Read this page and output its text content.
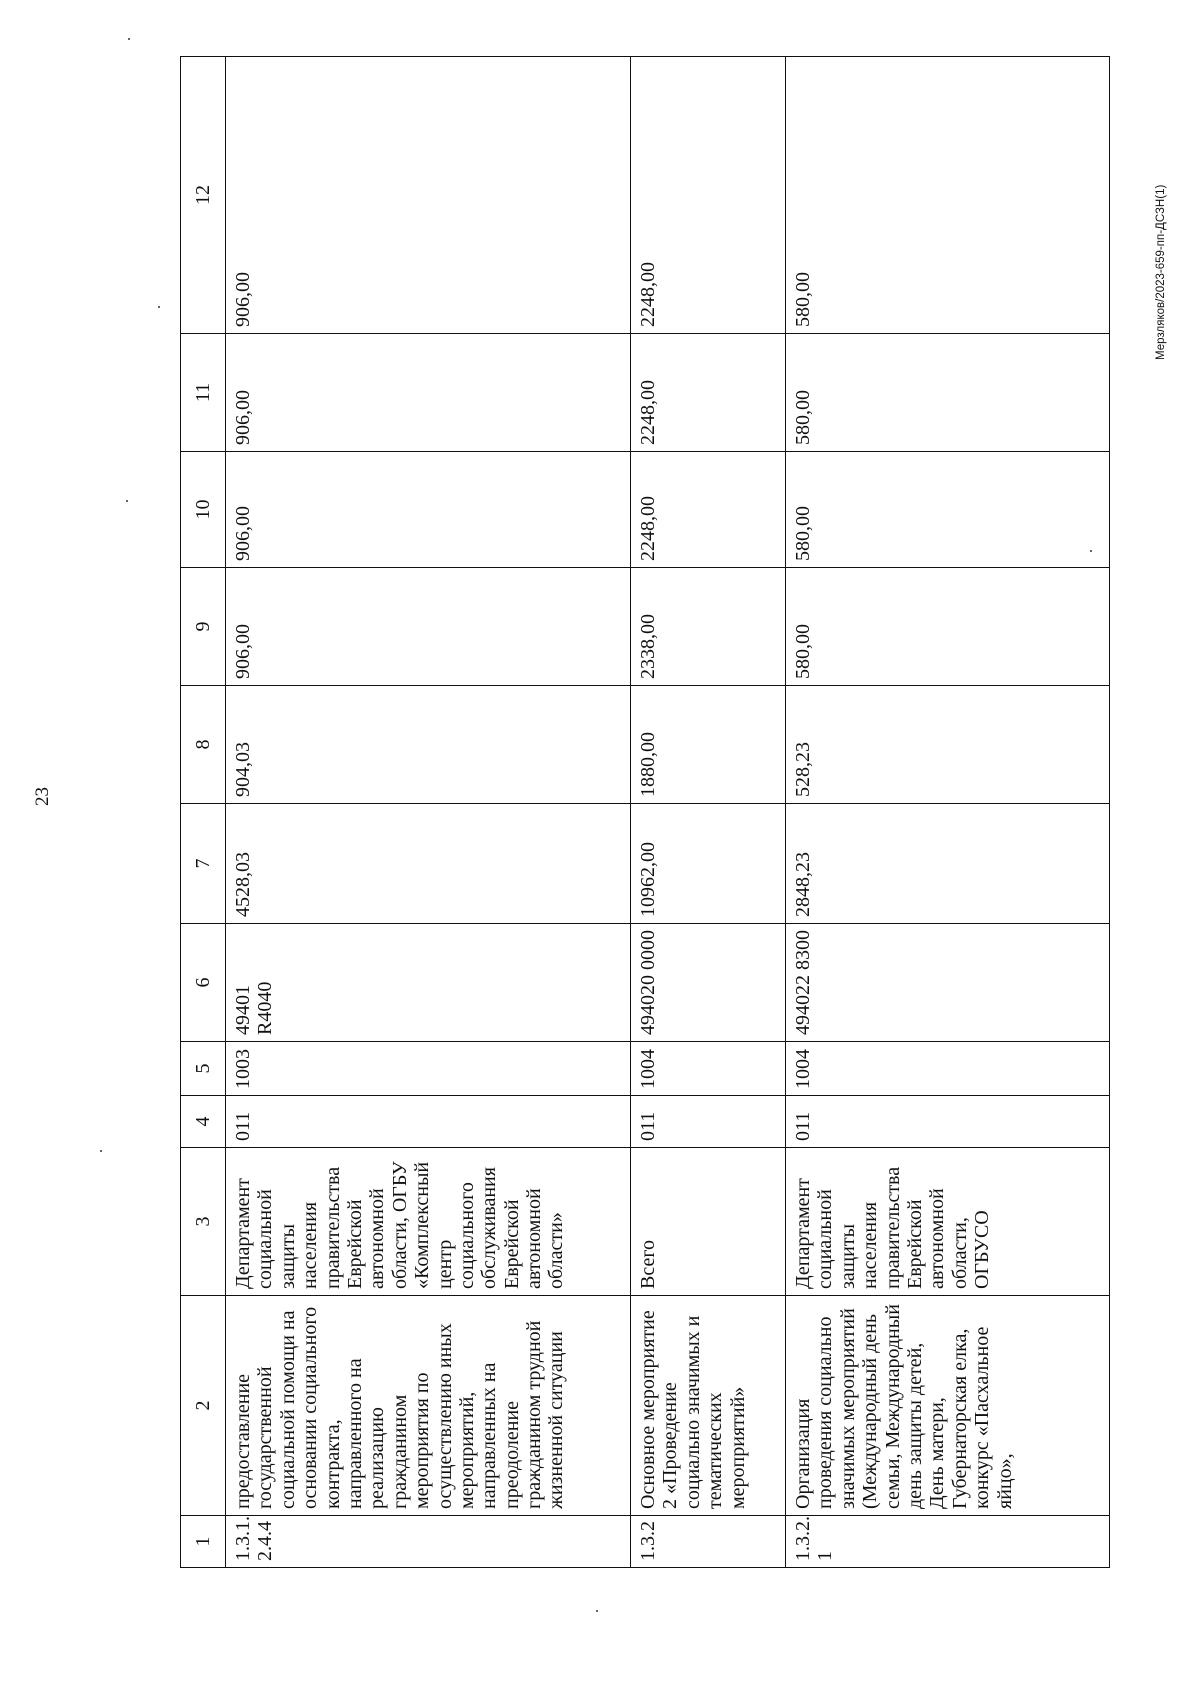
23
Мерзляков/2023-659-пп-ДСЗН(1)
1	2	3	4	5	6	7	8	9	10	11	12
1.3.1. 2.4.4	предоставление государственной социальной помощи на основании социального контракта, направленного на реализацию гражданином мероприятия по осуществлению иных мероприятий, направленных на преодоление гражданином трудной жизненной ситуации	Департамент социальной защиты населения правительства Еврейской автономной области, ОГБУ «Комплексный центр социального обслуживания Еврейской автономной области»	011	1003	49401 R4040	4528,03	904,03	906,00	906,00	906,00	906,00
1.3.2	Основное мероприятие 2 «Проведение социально значимых и тематических мероприятий»	Всего	011	1004	494020 0000	10962,00	1880,00	2338,00	2248,00	2248,00	2248,00
1.3.2. 1	Организация проведения социально значимых мероприятий (Международный день семьи, Международный день защиты детей, День матери, Губернаторская елка, конкурс «Пасхальное яйцо»,	Департамент социальной защиты населения правительства Еврейской автономной области, ОГБУСО	011	1004	494022 8300	2848,23	528,23	580,00	580,00	580,00	580,00
